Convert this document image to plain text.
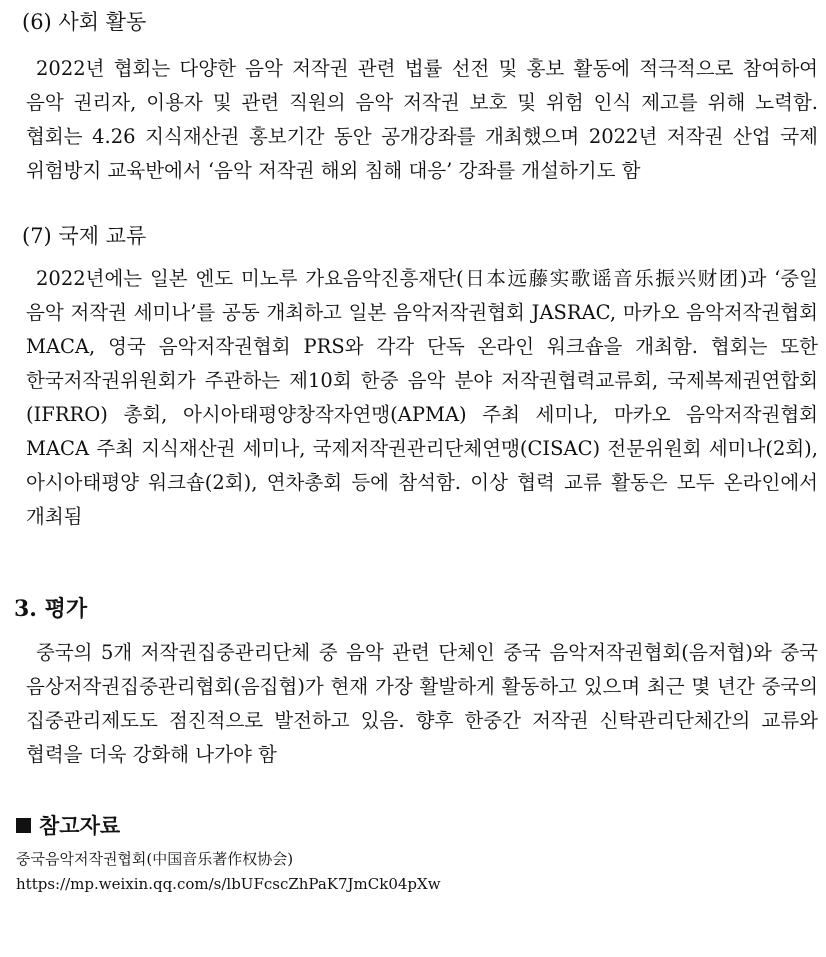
(6) 사회 활동
2022년 협회는 다양한 음악 저작권 관련 법률 선전 및 홍보 활동에 적극적으로 참여하여 음악 권리자, 이용자 및 관련 직원의 음악 저작권 보호 및 위험 인식 제고를 위해 노력함. 협회는 4.26 지식재산권 홍보기간 동안 공개강좌를 개최했으며 2022년 저작권 산업 국제 위험방지 교육반에서 ‘음악 저작권 해외 침해 대응’ 강좌를 개설하기도 함
(7) 국제 교류
2022년에는 일본 엔도 미노루 가요음악진흥재단(日本远藤实歌谣音乐振兴财团)과 ‘중일 음악 저작권 세미나’를 공동 개최하고 일본 음악저작권협회 JASRAC, 마카오 음악저작권협회 MACA, 영국 음악저작권협회 PRS와 각각 단독 온라인 워크숍을 개최함. 협회는 또한 한국저작권위원회가 주관하는 제10회 한중 음악 분야 저작권협력교류회, 국제복제권연합회(IFRRO) 총회, 아시아태평양창작자연맹(APMA) 주최 세미나, 마카오 음악저작권협회 MACA 주최 지식재산권 세미나, 국제저작권관리단체연맹(CISAC) 전문위원회 세미나(2회), 아시아태평양 워크숍(2회), 연차총회 등에 참석함. 이상 협력 교류 활동은 모두 온라인에서 개최됨
3. 평가
중국의 5개 저작권집중관리단체 중 음악 관련 단체인 중국 음악저작권협회(음저협)와 중국 음상저작권집중관리협회(음집협)가 현재 가장 활발하게 활동하고 있으며 최근 몇 년간 중국의 집중관리제도도 점진적으로 발전하고 있음. 향후 한중간 저작권 신탁관리단체간의 교류와 협력을 더욱 강화해 나가야 함
참고자료
중국음악저작권협회(中国音乐著作权协会)
https://mp.weixin.qq.com/s/lbUFcscZhPaK7JmCk04pXw
